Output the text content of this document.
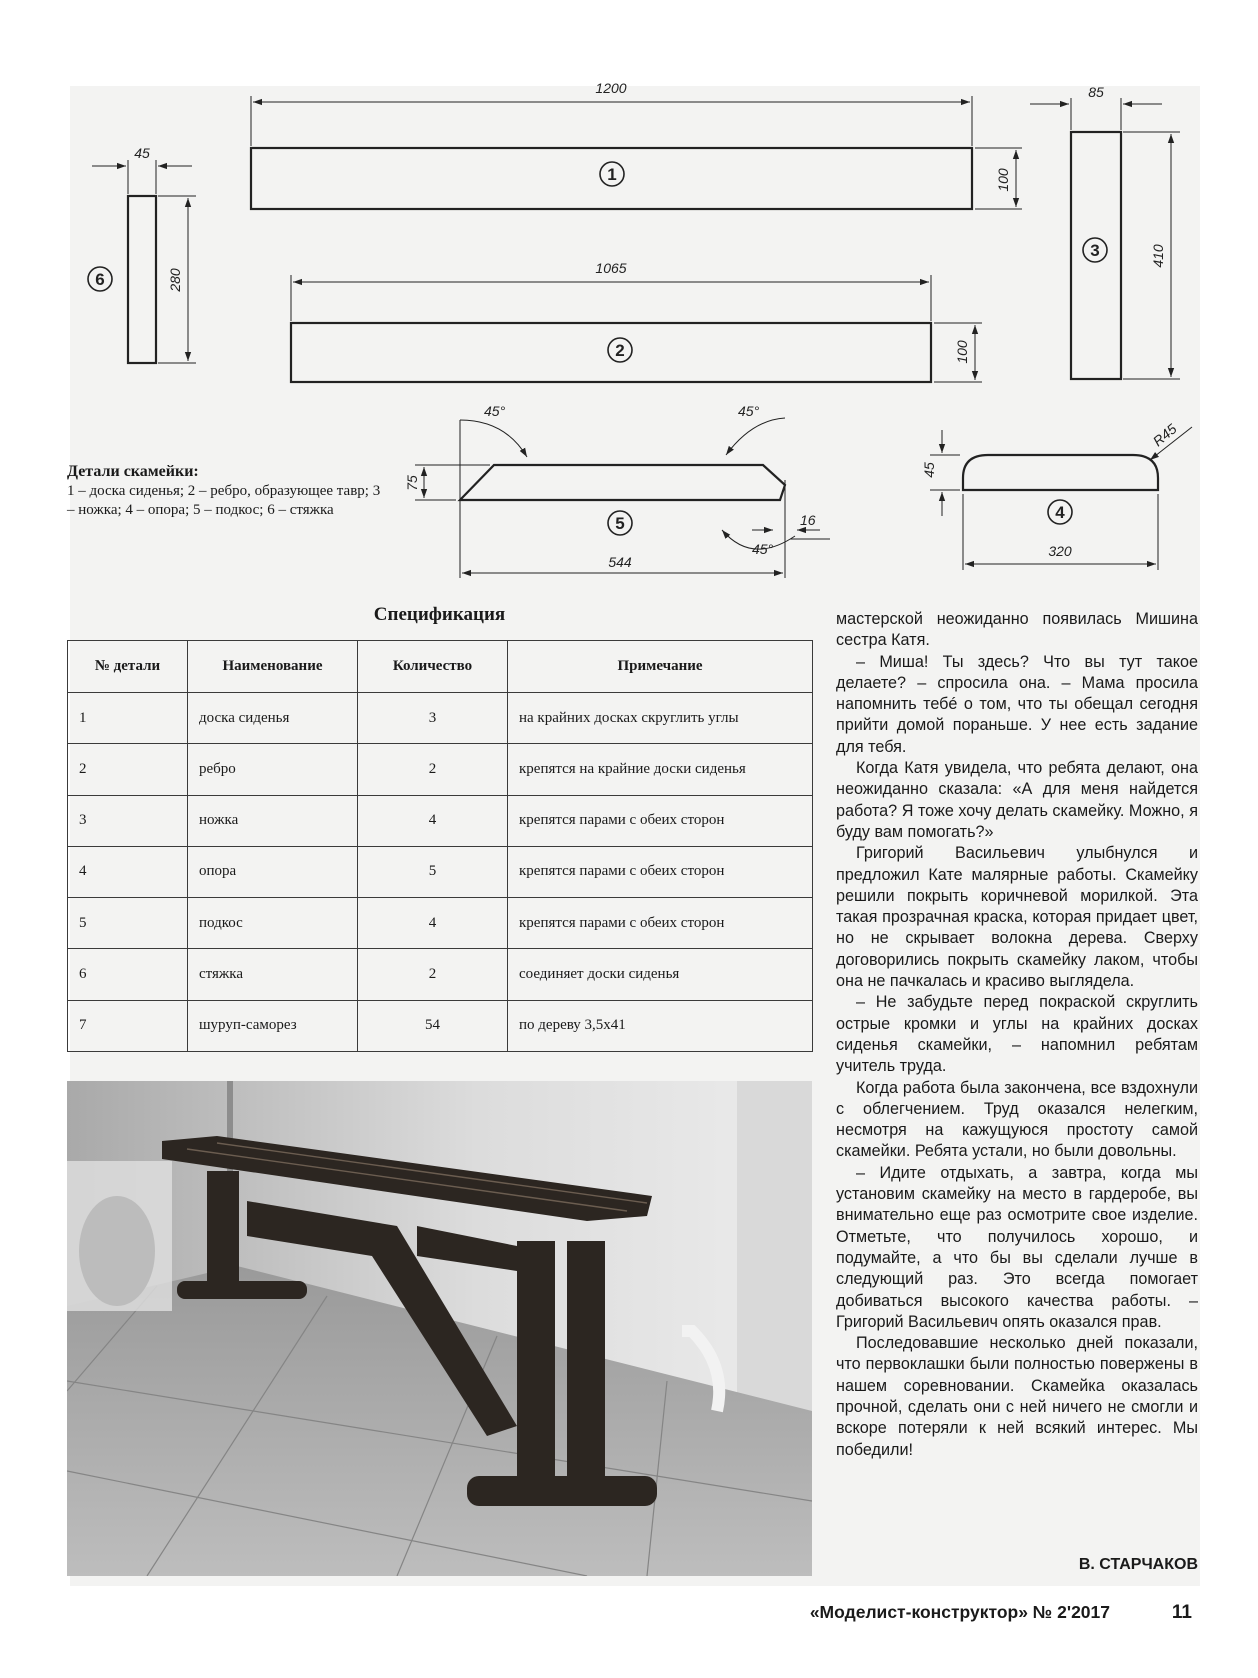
1200
100
1065
100
85
410
45
280
544
75
16
45°	45°
45°	320
45
R45
1
2
3
6
5
4
Детали скамейки:
1 – доска сиденья; 2 – ребро, образующее тавр; 3 – ножка; 4 – опора; 5 – подкос; 6 – стяжка
Спецификация
№ детали	Наименование	Количество	Примечание
1	доска сиденья	3	на крайних досках скруглить углы
2	ребро	2	крепятся на крайние доски сиденья
3	ножка	4	крепятся парами с обеих сторон
4	опора	5	крепятся парами с обеих сторон
5	подкос	4	крепятся парами с обеих сторон
6	стяжка	2	соединяет доски сиденья
7	шуруп-саморез	54	по дереву 3,5х41

мастерской неожиданно появилась Мишина сестра Катя.

– Миша! Ты здесь? Что вы тут такое делаете? – спросила она. – Мама просила напомнить тебé о том, что ты обещал сегодня прийти домой пораньше. У нее есть задание для тебя.

Когда Катя увидела, что ребята делают, она неожиданно сказала: «А для меня найдется работа? Я тоже хочу делать скамейку. Можно, я буду вам помогать?»

Григорий Васильевич улыбнулся и предложил Кате малярные работы. Скамейку решили покрыть коричневой морилкой. Эта такая прозрачная краска, которая придает цвет, но не скрывает волокна дерева. Сверху договорились покрыть скамейку лаком, чтобы она не пачкалась и красиво выглядела.

– Не забудьте перед покраской скруглить острые кромки и углы на крайних досках сиденья скамейки, – напомнил ребятам учитель труда.

Когда работа была закончена, все вздохнули с облегчением. Труд оказался нелегким, несмотря на кажущуюся простоту самой скамейки. Ребята устали, но были довольны.

– Идите отдыхать, а завтра, когда мы установим скамейку на место в гардеробе, вы внимательно еще раз осмотрите свое изделие. Отметьте, что получилось хорошо, и подумайте, а что бы вы сделали лучше в следующий раз. Это всегда помогает добиваться высокого качества работы. – Григорий Васильевич опять оказался прав.

Последовавшие несколько дней показали, что первоклашки были полностью повержены в нашем соревновании. Скамейка оказалась прочной, сделать они с ней ничего не смогли и вскоре потеряли к ней всякий интерес. Мы победили!

В. СТАРЧАКОВ
«Моделист-конструктор» № 2'2017	11
